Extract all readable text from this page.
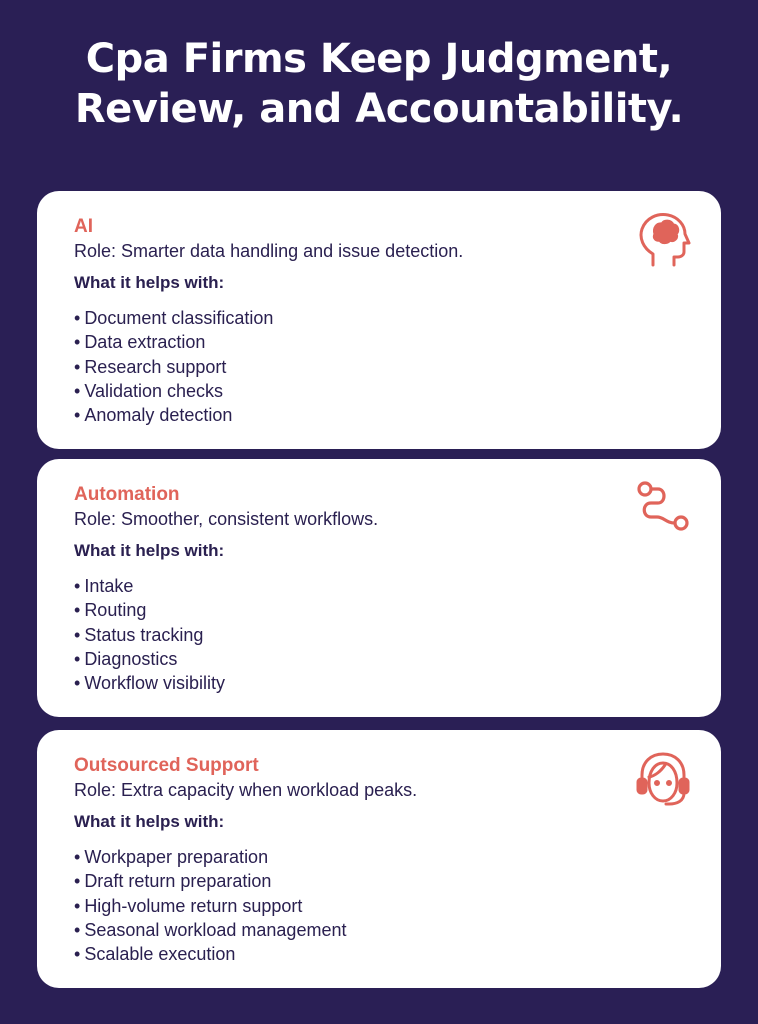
Cpa Firms Keep Judgment, Review, and Accountability.
AI
Role: Smarter data handling and issue detection.
What it helps with:
• Document classification
• Data extraction
• Research support
• Validation checks
• Anomaly detection
Automation
Role: Smoother, consistent workflows.
What it helps with:
• Intake
• Routing
• Status tracking
• Diagnostics
• Workflow visibility
Outsourced Support
Role: Extra capacity when workload peaks.
What it helps with:
• Workpaper preparation
• Draft return preparation
• High-volume return support
• Seasonal workload management
• Scalable execution
